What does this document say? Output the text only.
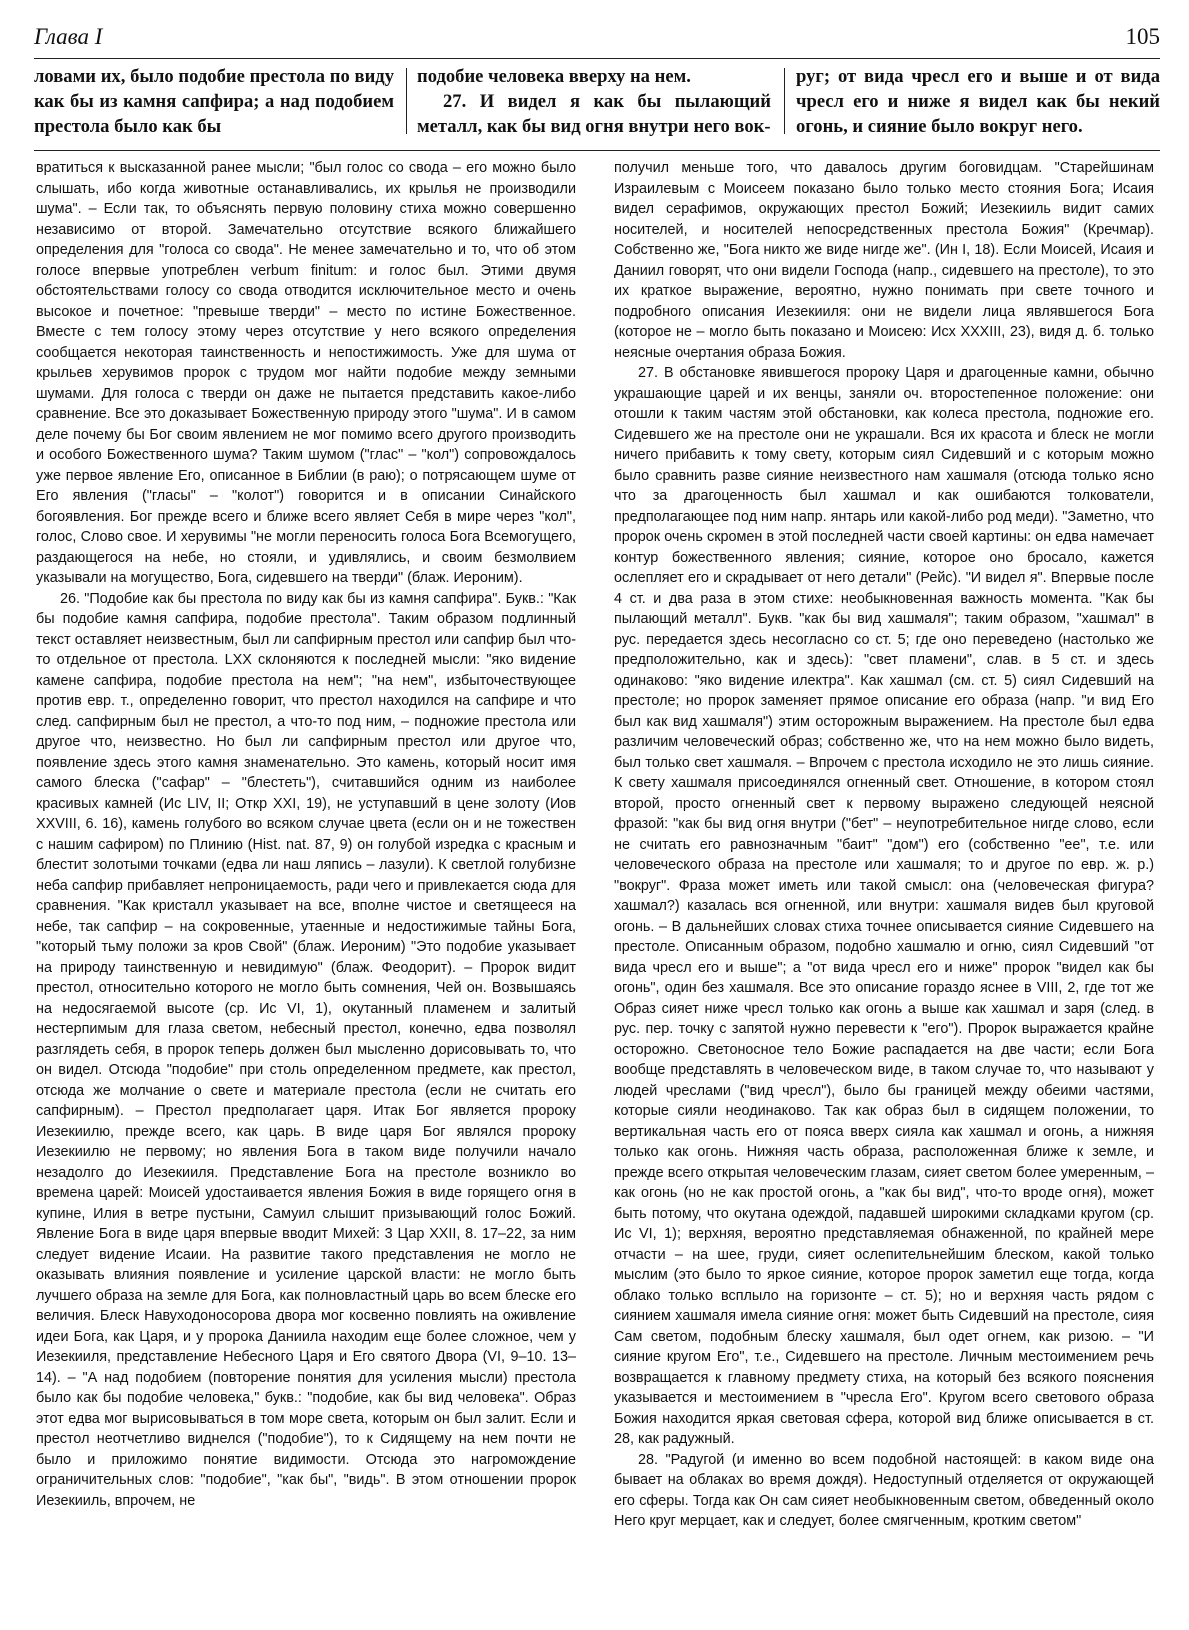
Глава I	105

ловами их, было подобие престола по виду как бы из камня сапфира; а над подобием престола было как бы

подобие человека вверху на нем.

27. И видел я как бы пылающий металл, как бы вид огня внутри него вок-

руг; от вида чресл его и выше и от вида чресл его и ниже я видел как бы некий огонь, и сияние было вокруг него.

вратиться к высказанной ранее мысли; "был голос со свода – его можно было слышать, ибо когда животные останавливались, их крылья не производили шума". – Если так, то объяснять первую половину стиха можно совершенно независимо от второй. Замечательно отсутствие всякого ближайшего определения для "голоса со свода". Не менее замечательно и то, что об этом голосе впервые употреблен verbum finitum: и голос был. Этими двумя обстоятельствами голосу со свода отводится исключительное место и очень высокое и почетное: "превыше тверди" – место по истине Божественное. Вместе с тем голосу этому через отсутствие у него всякого определения сообщается некоторая таинственность и непостижимость. Уже для шума от крыльев херувимов пророк с трудом мог найти подобие между земными шумами. Для голоса с тверди он даже не пытается представить какое-либо сравнение. Все это доказывает Божественную природу этого "шума". И в самом деле почему бы Бог своим явлением не мог помимо всего другого производить и особого Божественного шума? Таким шумом ("глас" – "кол") сопровождалось уже первое явление Его, описанное в Библии (в раю); о потрясающем шуме от Его явления ("гласы" – "колот") говорится и в описании Синайского богоявления. Бог прежде всего и ближе всего являет Себя в мире через "кол", голос, Слово свое. И херувимы "не могли переносить голоса Бога Всемогущего, раздающегося на небе, но стояли, и удивлялись, и своим безмолвием указывали на могущество, Бога, сидевшего на тверди" (блаж. Иероним).

26. "Подобие как бы престола по виду как бы из камня сапфира". Букв.: "Как бы подобие камня сапфира, подобие престола". Таким образом подлинный текст оставляет неизвестным, был ли сапфирным престол или сапфир был что-то отдельное от престола. LXX склоняются к последней мысли: "яко видение камене сапфира, подобие престола на нем"; "на нем", избыточествующее против евр. т., определенно говорит, что престол находился на сапфире и что след. сапфирным был не престол, а что-то под ним, – подножие престола или другое что, неизвестно. Но был ли сапфирным престол или другое что, появление здесь этого камня знаменательно. Это камень, который носит имя самого блеска ("сафар" – "блестеть"), считавшийся одним из наиболее красивых камней (Ис LIV, II; Откр XXI, 19), не уступавший в цене золоту (Иов XXVIII, 6. 16), камень голубого во всяком случае цвета (если он и не тожествен с нашим сафиром) по Плинию (Hist. nat. 87, 9) он голубой изредка с красным и блестит золотыми точками (едва ли наш ляпись – лазули). К светлой голубизне неба сапфир прибавляет непроницаемость, ради чего и привлекается сюда для сравнения. "Как кристалл указывает на все, вполне чистое и светящееся на небе, так сапфир – на сокровенные, утаенные и недостижимые тайны Бога, "который тьму положи за кров Свой" (блаж. Иероним) "Это подобие указывает на природу таинственную и невидимую" (блаж. Феодорит). – Пророк видит престол, относительно которого не могло быть сомнения, Чей он. Возвышаясь на недосягаемой высоте (ср. Ис VI, 1), окутанный пламенем и залитый нестерпимым для глаза светом, небесный престол, конечно, едва позволял разглядеть себя, в пророк теперь должен был мысленно дорисовывать то, что он видел. Отсюда "подобие" при столь определенном предмете, как престол, отсюда же молчание о свете и материале престола (если не считать его сапфирным). – Престол предполагает царя. Итак Бог является пророку Иезекиилю, прежде всего, как царь. В виде царя Бог являлся пророку Иезекиилю не первому; но явления Бога в таком виде получили начало незадолго до Иезекииля. Представление Бога на престоле возникло во времена царей: Моисей удостаивается явления Божия в виде горящего огня в купине, Илия в ветре пустыни, Самуил слышит призывающий голос Божий. Явление Бога в виде царя впервые вводит Михей: 3 Цар XXII, 8. 17–22, за ним следует видение Исаии. На развитие такого представления не могло не оказывать влияния появление и усиление царской власти: не могло быть лучшего образа на земле для Бога, как полновластный царь во всем блеске его величия. Блеск Навуходоносорова двора мог косвенно повлиять на оживление идеи Бога, как Царя, и у пророка Даниила находим еще более сложное, чем у Иезекииля, представление Небесного Царя и Его святого Двора (VI, 9–10. 13–14). – "А над подобием (повторение понятия для усиления мысли) престола было как бы подобие человека," букв.: "подобие, как бы вид человека". Образ этот едва мог вырисовываться в том море света, которым он был залит. Если и престол неотчетливо виднелся ("подобие"), то к Сидящему на нем почти не было и приложимо понятие видимости. Отсюда это нагромождение ограничительных слов: "подобие", "как бы", "видь". В этом отношении пророк Иезекииль, впрочем, не

получил меньше того, что давалось другим боговидцам. "Старейшинам Израилевым с Моисеем показано было только место стояния Бога; Исаия видел серафимов, окружающих престол Божий; Иезекииль видит самих носителей, и носителей непосредственных престола Божия" (Кречмар). Собственно же, "Бога никто же виде нигде же". (Ин I, 18). Если Моисей, Исаия и Даниил говорят, что они видели Господа (напр., сидевшего на престоле), то это их краткое выражение, вероятно, нужно понимать при свете точного и подробного описания Иезекииля: они не видели лица являвшегося Бога (которое не – могло быть показано и Моисею: Исх XXXIII, 23), видя д. б. только неясные очертания образа Божия.

27. В обстановке явившегося пророку Царя и драгоценные камни, обычно украшающие царей и их венцы, заняли оч. второстепенное положение: они отошли к таким частям этой обстановки, как колеса престола, подножие его. Сидевшего же на престоле они не украшали. Вся их красота и блеск не могли ничего прибавить к тому свету, которым сиял Сидевший и с которым можно было сравнить разве сияние неизвестного нам хашмаля (отсюда только ясно что за драгоценность был хашмал и как ошибаются толкователи, предполагающее под ним напр. янтарь или какой-либо род меди). "Заметно, что пророк очень скромен в этой последней части своей картины: он едва намечает контур божественного явления; сияние, которое оно бросало, кажется ослепляет его и скрадывает от него детали" (Рейс). "И видел я". Впервые после 4 ст. и два раза в этом стихе: необыкновенная важность момента. "Как бы пылающий металл". Букв. "как бы вид хашмаля"; таким образом, "хашмал" в рус. передается здесь несогласно со ст. 5; где оно переведено (настолько же предположительно, как и здесь): "свет пламени", слав. в 5 ст. и здесь одинаково: "яко видение илектра". Как хашмал (см. ст. 5) сиял Сидевший на престоле; но пророк заменяет прямое описание его образа (напр. "и вид Его был как вид хашмаля") этим осторожным выражением. На престоле был едва различим человеческий образ; собственно же, что на нем можно было видеть, был только свет хашмаля. – Впрочем с престола исходило не это лишь сияние. К свету хашмаля присоединялся огненный свет. Отношение, в котором стоял второй, просто огненный свет к первому выражено следующей неясной фразой: "как бы вид огня внутри ("бет" – неупотребительное нигде слово, если не считать его равнозначным "баит" "дом") его (собственно "ее", т.е. или человеческого образа на престоле или хашмаля; то и другое по евр. ж. р.) "вокруг". Фраза может иметь или такой смысл: она (человеческая фигура? хашмал?) казалась вся огненной, или внутри: хашмаля видев был круговой огонь. – В дальнейших словах стиха точнее описывается сияние Сидевшего на престоле. Описанным образом, подобно хашмалю и огню, сиял Сидевший "от вида чресл его и выше"; а "от вида чресл его и ниже" пророк "видел как бы огонь", один без хашмаля. Все это описание гораздо яснее в VIII, 2, где тот же Образ сияет ниже чресл только как огонь а выше как хашмал и заря (след. в рус. пер. точку с запятой нужно перевести к "его"). Пророк выражается крайне осторожно. Светоносное тело Божие распадается на две части; если Бога вообще представлять в человеческом виде, в таком случае то, что называют у людей чреслами ("вид чресл"), было бы границей между обеими частями, которые сияли неодинаково. Так как образ был в сидящем положении, то вертикальная часть его от пояса вверх сияла как хашмал и огонь, а нижняя только как огонь. Нижняя часть образа, расположенная ближе к земле, и прежде всего открытая человеческим глазам, сияет светом более умеренным, – как огонь (но не как простой огонь, а "как бы вид", что-то вроде огня), может быть потому, что окутана одеждой, падавшей широкими складками кругом (ср. Ис VI, 1); верхняя, вероятно представляемая обнаженной, по крайней мере отчасти – на шее, груди, сияет ослепительнейшим блеском, какой только мыслим (это было то яркое сияние, которое пророк заметил еще тогда, когда облако только всплыло на горизонте – ст. 5); но и верхняя часть рядом с сиянием хашмаля имела сияние огня: может быть Сидевший на престоле, сияя Сам светом, подобным блеску хашмаля, был одет огнем, как ризою. – "И сияние кругом Его", т.е., Сидевшего на престоле. Личным местоимением речь возвращается к главному предмету стиха, на который без всякого пояснения указывается и местоимением в "чресла Его". Кругом всего светового образа Божия находится яркая световая сфера, которой вид ближе описывается в ст. 28, как радужный.

28. "Радугой (и именно во всем подобной настоящей: в каком виде она бывает на облаках во время дождя). Недоступный отделяется от окружающей его сферы. Тогда как Он сам сияет необыкновенным светом, обведенный около Него круг мерцает, как и следует, более смягченным, кротким светом"
